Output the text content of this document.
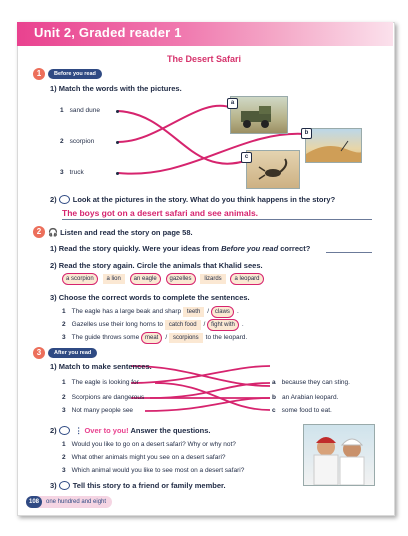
Unit 2, Graded reader 1
The Desert Safari
1	Before you read
1) Match the words with the pictures.
1 sand dune
2 scorpion
3 truck
a
b
c
2) Look at the pictures in the story. What do you think happens in the story?
The boys got on a desert safari and see animals.
2 🎧 Listen and read the story on page 58.
1) Read the story quickly. Were your ideas from Before you read correct?
2) Read the story again. Circle the animals that Khalid sees.
a scorpion a lion an eagle gazelles lizards a leopard
3) Choose the correct words to complete the sentences.
1 The eagle has a large beak and sharp teeth / claws .
2 Gazelles use their long horns to catch food / fight with .
3 The guide throws some meat / scorpions to the leopard.
3	After you read
1) Match to make sentences.
1 The eagle is looking for
2 Scorpions are dangerous
3 Not many people see
a because they can sting.
b an Arabian leopard.
c some food to eat.
2) ⋮ Over to you! Answer the questions.
1 Would you like to go on a desert safari? Why or why not?
2 What other animals might you see on a desert safari?
3 Which animal would you like to see most on a desert safari?
3) Tell this story to a friend or family member.
108 one hundred and eight
